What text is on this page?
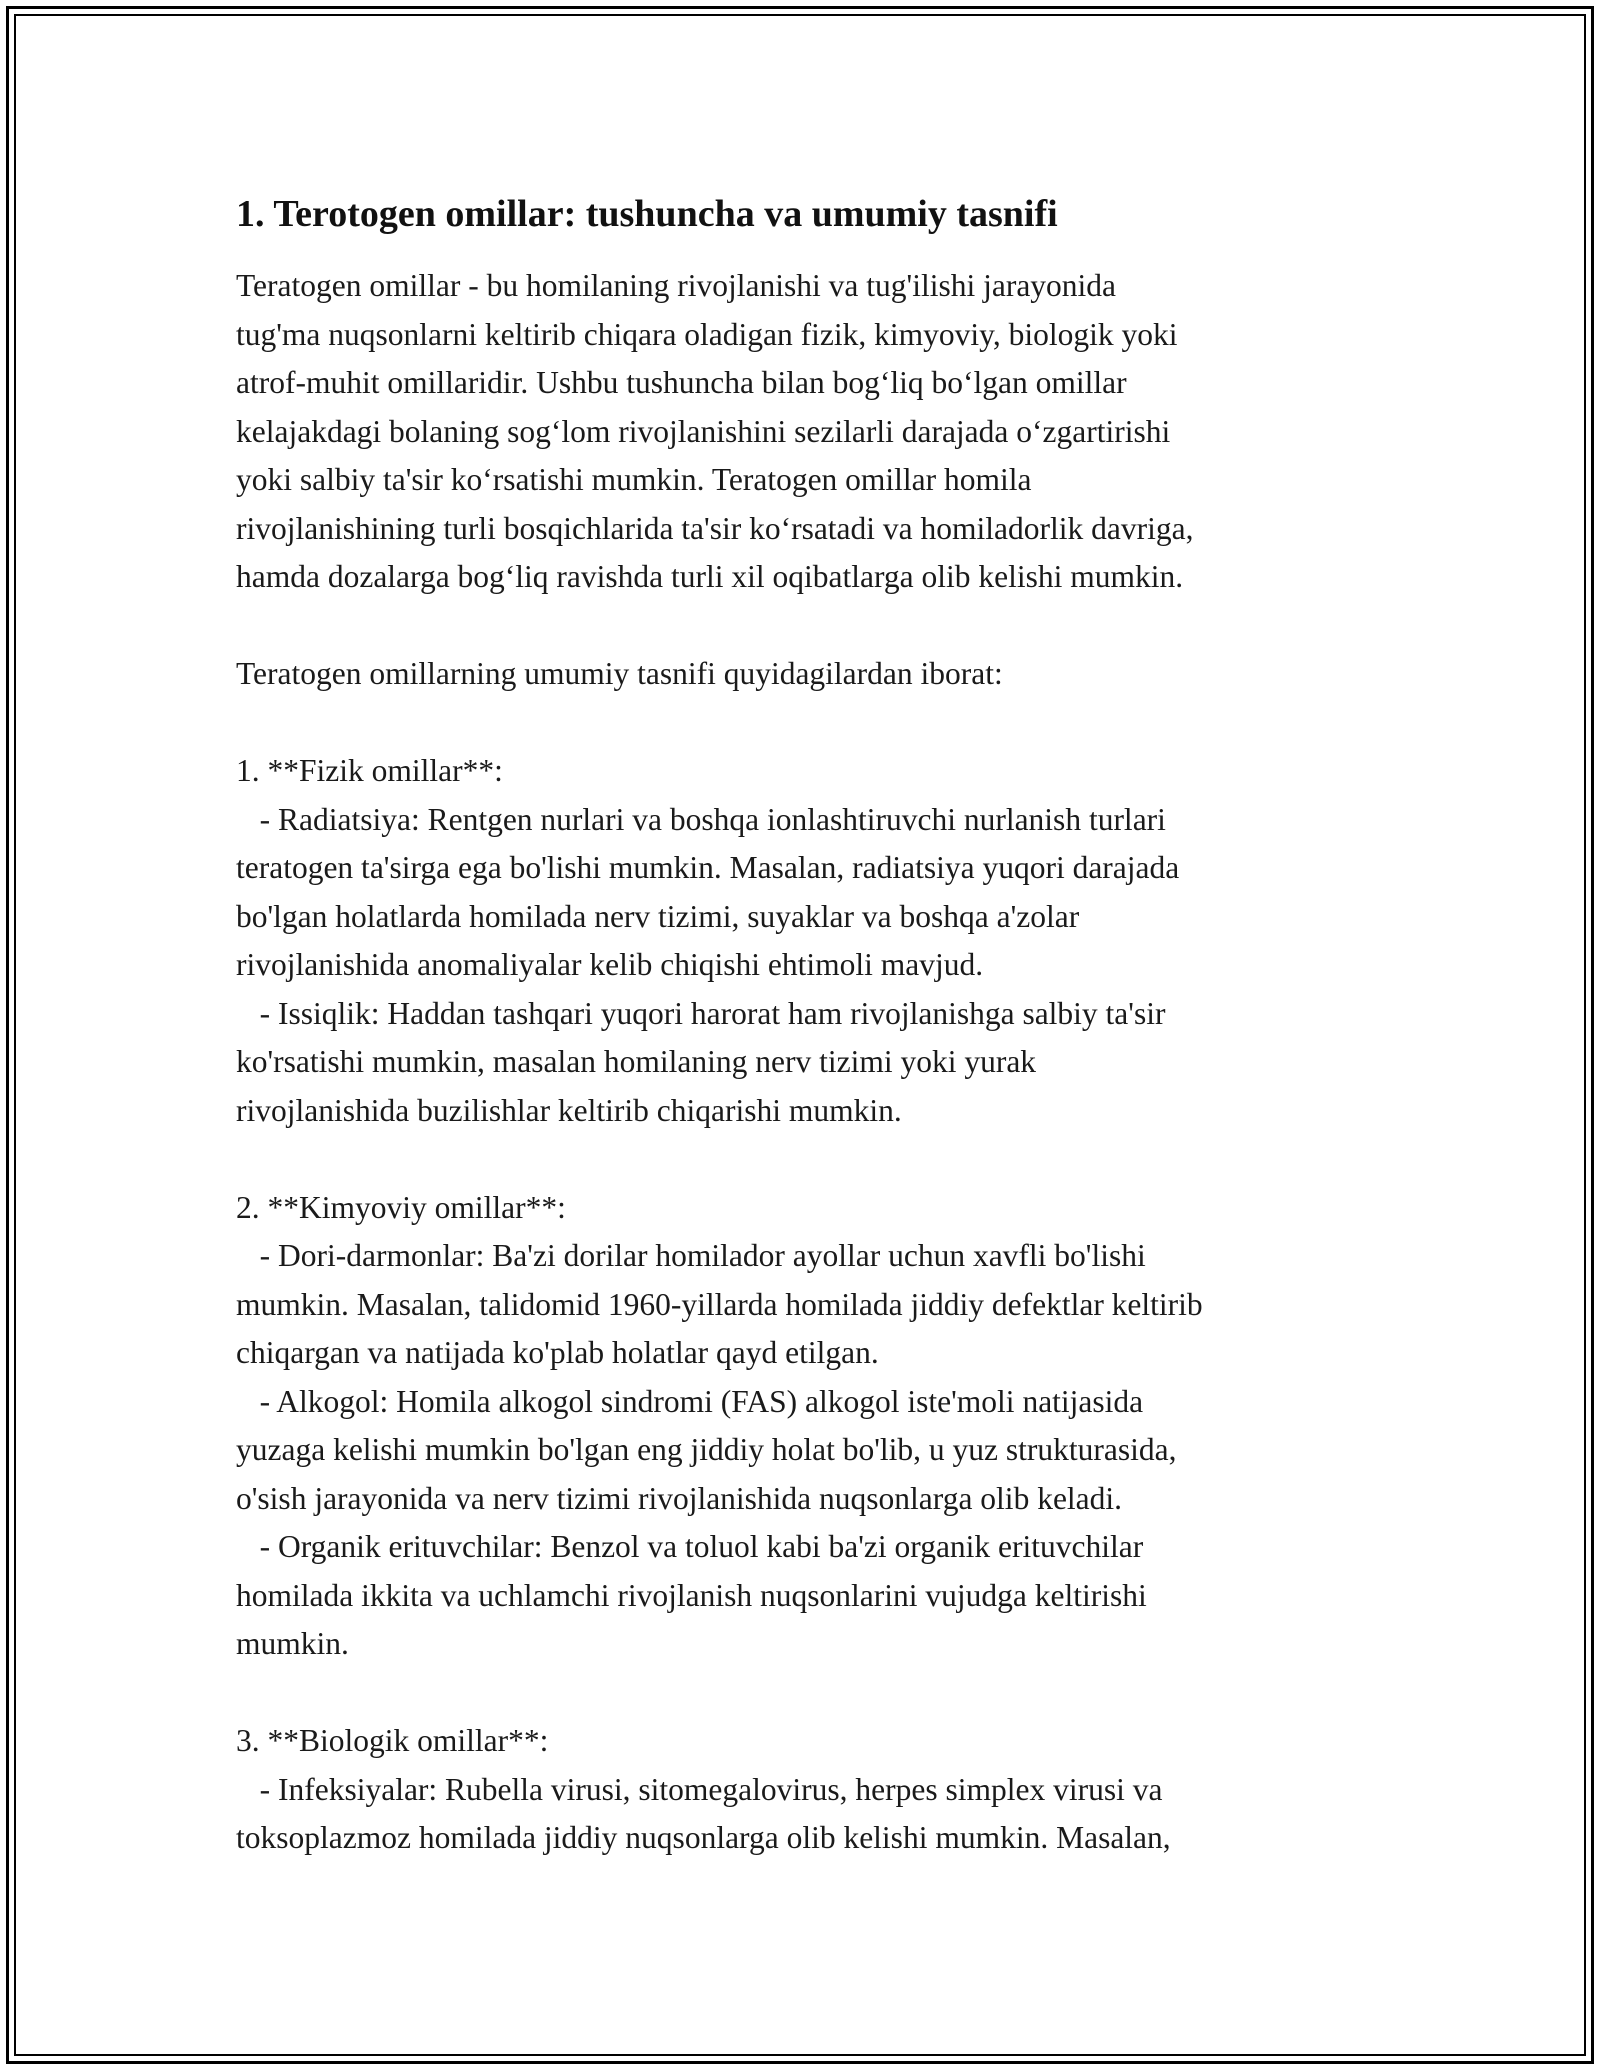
1. Terotogen omillar: tushuncha va umumiy tasnifi

Teratogen omillar - bu homilaning rivojlanishi va tug'ilishi jarayonida
tug'ma nuqsonlarni keltirib chiqara oladigan fizik, kimyoviy, biologik yoki
atrof-muhit omillaridir. Ushbu tushuncha bilan bog‘liq bo‘lgan omillar
kelajakdagi bolaning sog‘lom rivojlanishini sezilarli darajada o‘zgartirishi
yoki salbiy ta'sir ko‘rsatishi mumkin. Teratogen omillar homila
rivojlanishining turli bosqichlarida ta'sir ko‘rsatadi va homiladorlik davriga,
hamda dozalarga bog‘liq ravishda turli xil oqibatlarga olib kelishi mumkin.

Teratogen omillarning umumiy tasnifi quyidagilardan iborat:

1. **Fizik omillar**:
- Radiatsiya: Rentgen nurlari va boshqa ionlashtiruvchi nurlanish turlari
teratogen ta'sirga ega bo'lishi mumkin. Masalan, radiatsiya yuqori darajada
bo'lgan holatlarda homilada nerv tizimi, suyaklar va boshqa a'zolar
rivojlanishida anomaliyalar kelib chiqishi ehtimoli mavjud.
- Issiqlik: Haddan tashqari yuqori harorat ham rivojlanishga salbiy ta'sir
ko'rsatishi mumkin, masalan homilaning nerv tizimi yoki yurak
rivojlanishida buzilishlar keltirib chiqarishi mumkin.

2. **Kimyoviy omillar**:
- Dori-darmonlar: Ba'zi dorilar homilador ayollar uchun xavfli bo'lishi
mumkin. Masalan, talidomid 1960-yillarda homilada jiddiy defektlar keltirib
chiqargan va natijada ko'plab holatlar qayd etilgan.
- Alkogol: Homila alkogol sindromi (FAS) alkogol iste'moli natijasida
yuzaga kelishi mumkin bo'lgan eng jiddiy holat bo'lib, u yuz strukturasida,
o'sish jarayonida va nerv tizimi rivojlanishida nuqsonlarga olib keladi.
- Organik erituvchilar: Benzol va toluol kabi ba'zi organik erituvchilar
homilada ikkita va uchlamchi rivojlanish nuqsonlarini vujudga keltirishi
mumkin.

3. **Biologik omillar**:
- Infeksiyalar: Rubella virusi, sitomegalovirus, herpes simplex virusi va
toksoplazmoz homilada jiddiy nuqsonlarga olib kelishi mumkin. Masalan,
